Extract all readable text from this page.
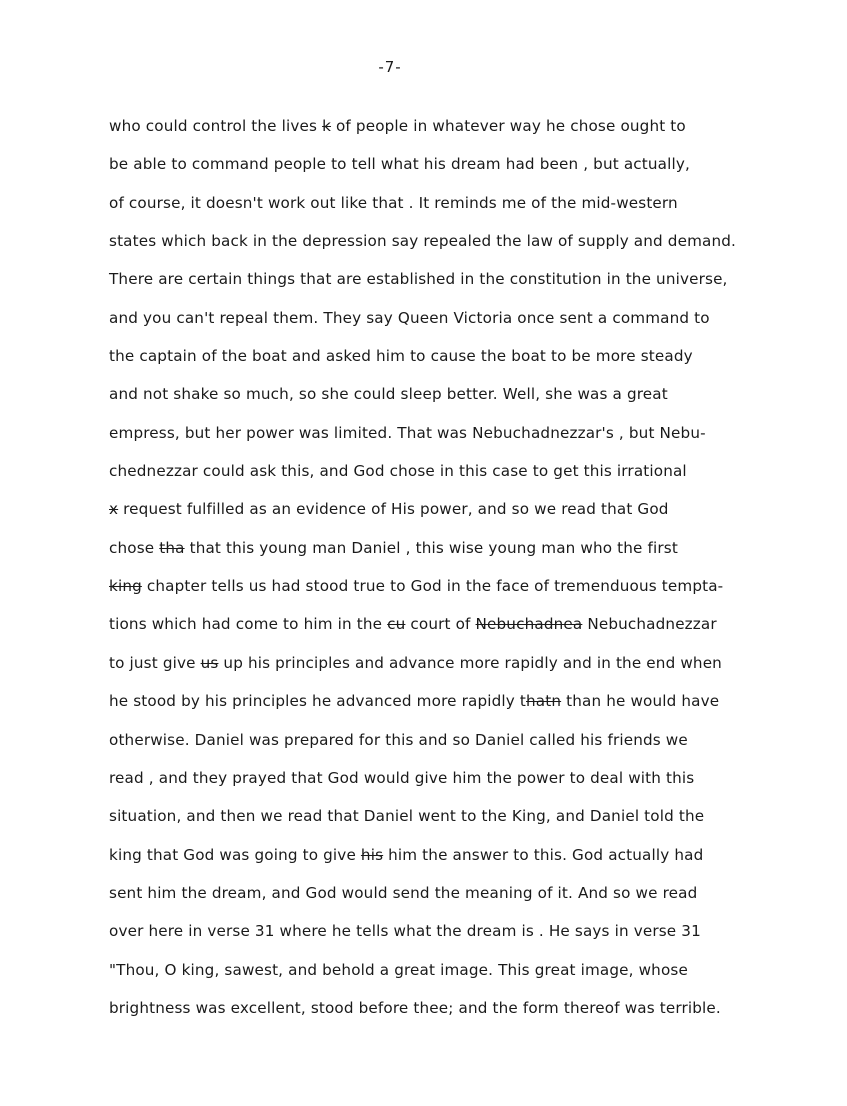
-7-
who could control the lives k of people in whatever way he chose ought to
be able to command people to tell what his dream had been , but actually,
of course, it doesn't work out like that . It reminds me of the mid-western
states which back in the depression say repealed the law of supply and demand.
There are certain things that are established in the constitution in the universe,
and you can't repeal them. They say Queen Victoria once sent a command to
the captain of the boat and asked him to cause the boat to be more steady
and not shake so much, so she could sleep better. Well, she was a great
empress, but her power was limited. That was Nebuchadnezzar's , but Nebu-
chednezzar could ask this, and God chose in this case to get this irrational
x request fulfilled as an evidence of His power, and so we read that God
chose tha that this young man Daniel , this wise young man who the first
king chapter tells us had stood true to God in the face of tremenduous tempta-
tions which had come to him in the cu court of Nebuchadnea Nebuchadnezzar
to just give us up his principles and advance more rapidly and in the end when
he stood by his principles he advanced more rapidly thatn than he would have
otherwise. Daniel was prepared for this and so Daniel called his friends we
read , and they prayed that God would give him the power to deal with this
situation, and then we read that Daniel went to the King, and Daniel told the
king that God was going to give his him the answer to this. God actually had
sent him the dream, and God would send the meaning of it. And so we read
over here in verse 31 where he tells what the dream is . He says in verse 31
"Thou, O king, sawest, and behold a great image. This great image, whose
brightness was excellent, stood before thee; and the form thereof was terrible.
